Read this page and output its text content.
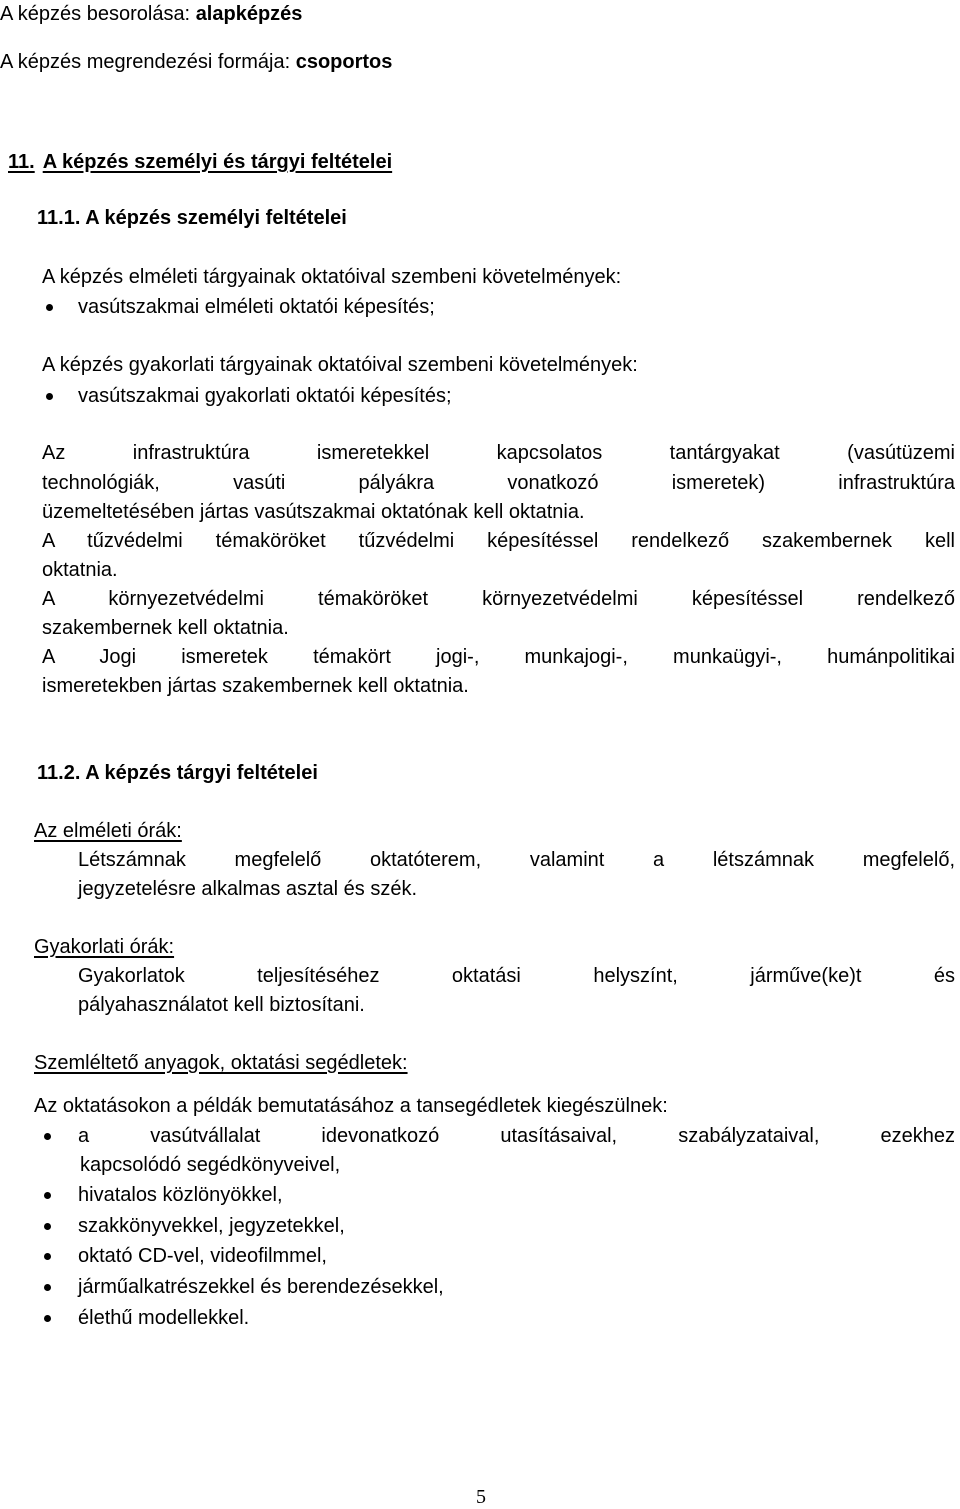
A képzés besorolása: alapképzés
A képzés megrendezési formája: csoportos
11. A képzés személyi és tárgyi feltételei
11.1. A képzés személyi feltételei
A képzés elméleti tárgyainak oktatóival szembeni követelmények:
vasútszakmai elméleti oktatói képesítés;
A képzés gyakorlati tárgyainak oktatóival szembeni követelmények:
vasútszakmai gyakorlati oktatói képesítés;
Az infrastruktúra ismeretekkel kapcsolatos tantárgyakat (vasútüzemi
technológiák, vasúti pályákra vonatkozó ismeretek) infrastruktúra
üzemeltetésében jártas vasútszakmai oktatónak kell oktatnia.
A tűzvédelmi témaköröket tűzvédelmi képesítéssel rendelkező szakembernek kell
oktatnia.
A környezetvédelmi témaköröket környezetvédelmi képesítéssel rendelkező
szakembernek kell oktatnia.
A Jogi ismeretek témakört jogi-, munkajogi-, munkaügyi-, humánpolitikai
ismeretekben jártas szakembernek kell oktatnia.
11.2. A képzés tárgyi feltételei
Az elméleti órák:
Létszámnak megfelelő oktatóterem, valamint a létszámnak megfelelő,
jegyzetelésre alkalmas asztal és szék.
Gyakorlati órák:
Gyakorlatok teljesítéséhez oktatási helyszínt, járműve(ke)t és
pályahasználatot kell biztosítani.
Szemléltető anyagok, oktatási segédletek:
Az oktatásokon a példák bemutatásához a tansegédletek kiegészülnek:
a vasútvállalat idevonatkozó utasításaival, szabályzataival, ezekhez
kapcsolódó segédkönyveivel,
hivatalos közlönyökkel,
szakkönyvekkel, jegyzetekkel,
oktató CD-vel, videofilmmel,
járműalkatrészekkel és berendezésekkel,
élethű modellekkel.
5
